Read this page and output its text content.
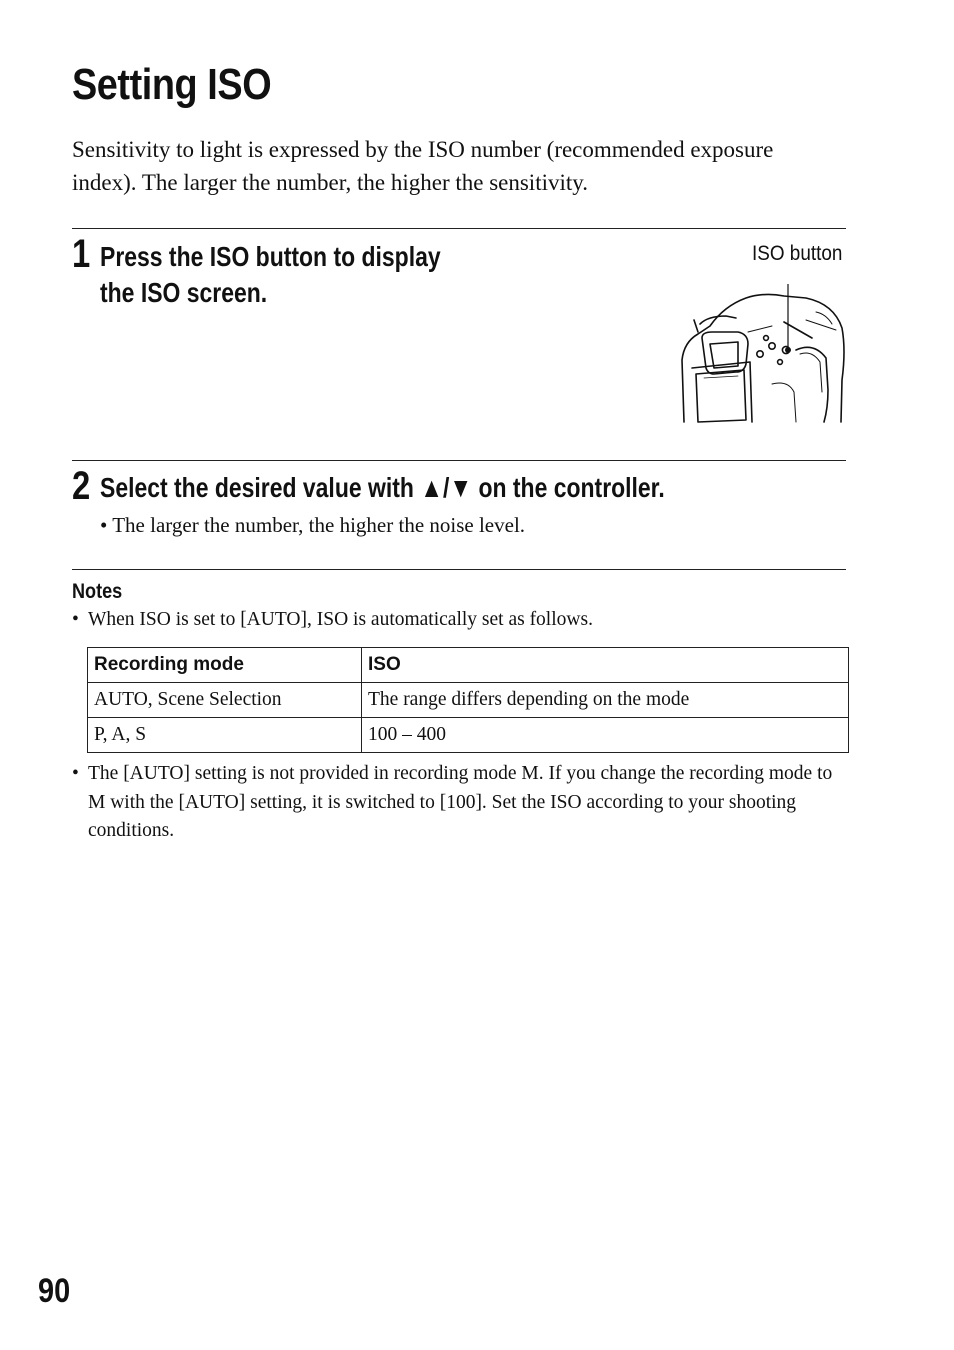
Setting ISO
Sensitivity to light is expressed by the ISO number (recommended exposure index). The larger the number, the higher the sensitivity.
1 Press the ISO button to display
the ISO screen.
ISO button
2 Select the desired value with ▲/▼ on the controller.
• The larger the number, the higher the noise level.
Notes
• When ISO is set to [AUTO], ISO is automatically set as follows.
Recording mode	ISO
AUTO, Scene Selection	The range differs depending on the mode
P, A, S	100 – 400
• The [AUTO] setting is not provided in recording mode M. If you change the recording mode to M with the [AUTO] setting, it is switched to [100]. Set the ISO according to your shooting conditions.
90
